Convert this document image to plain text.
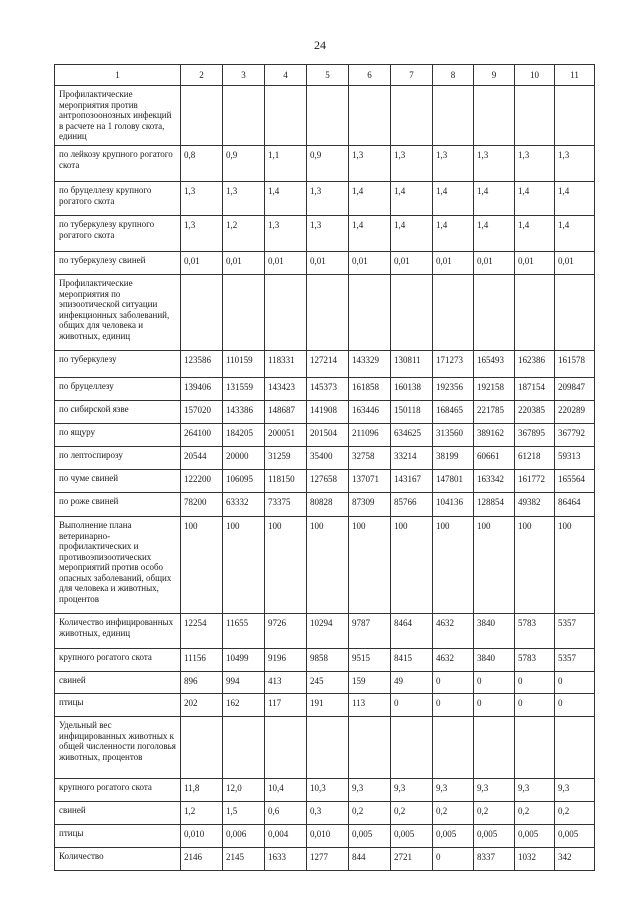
24
1	2	3	4	5	6	7	8	9	10	11
Профилактические мероприятия против антропозоонозных инфекций в расчете на 1 голову скота, единиц										
по лейкозу крупного рогатого скота	0,8	0,9	1,1	0,9	1,3	1,3	1,3	1,3	1,3	1,3
по бруцеллезу крупного рогатого скота	1,3	1,3	1,4	1,3	1,4	1,4	1,4	1,4	1,4	1,4
по туберкулезу крупного рогатого скота	1,3	1,2	1,3	1,3	1,4	1,4	1,4	1,4	1,4	1,4
по туберкулезу свиней	0,01	0,01	0,01	0,01	0,01	0,01	0,01	0,01	0,01	0,01
Профилактические мероприятия по эпизоотической ситуации инфекционных заболеваний, общих для человека и животных, единиц										
по туберкулезу	123586	110159	118331	127214	143329	130811	171273	165493	162386	161578
по бруцеллезу	139406	131559	143423	145373	161858	160138	192356	192158	187154	209847
по сибирской язве	157020	143386	148687	141908	163446	150118	168465	221785	220385	220289
по ящуру	264100	184205	200051	201504	211096	634625	313560	389162	367895	367792
по лептоспирозу	20544	20000	31259	35400	32758	33214	38199	60661	61218	59313
по чуме свиней	122200	106095	118150	127658	137071	143167	147801	163342	161772	165564
по роже свиней	78200	63332	73375	80828	87309	85766	104136	128854	49382	86464
Выполнение плана ветеринарно-профилактических и противоэпизоотических мероприятий против особо опасных заболеваний, общих для человека и животных, процентов	100	100	100	100	100	100	100	100	100	100
Количество инфицированных животных, единиц	12254	11655	9726	10294	9787	8464	4632	3840	5783	5357
крупного рогатого скота	11156	10499	9196	9858	9515	8415	4632	3840	5783	5357
свиней	896	994	413	245	159	49	0	0	0	0
птицы	202	162	117	191	113	0	0	0	0	0
Удельный вес инфицированных животных к общей численности поголовья животных, процентов										
крупного рогатого скота	11,8	12,0	10,4	10,3	9,3	9,3	9,3	9,3	9,3	9,3
свиней	1,2	1,5	0,6	0,3	0,2	0,2	0,2	0,2	0,2	0,2
птицы	0,010	0,006	0,004	0,010	0,005	0,005	0,005	0,005	0,005	0,005
Количество	2146	2145	1633	1277	844	2721	0	8337	1032	342
